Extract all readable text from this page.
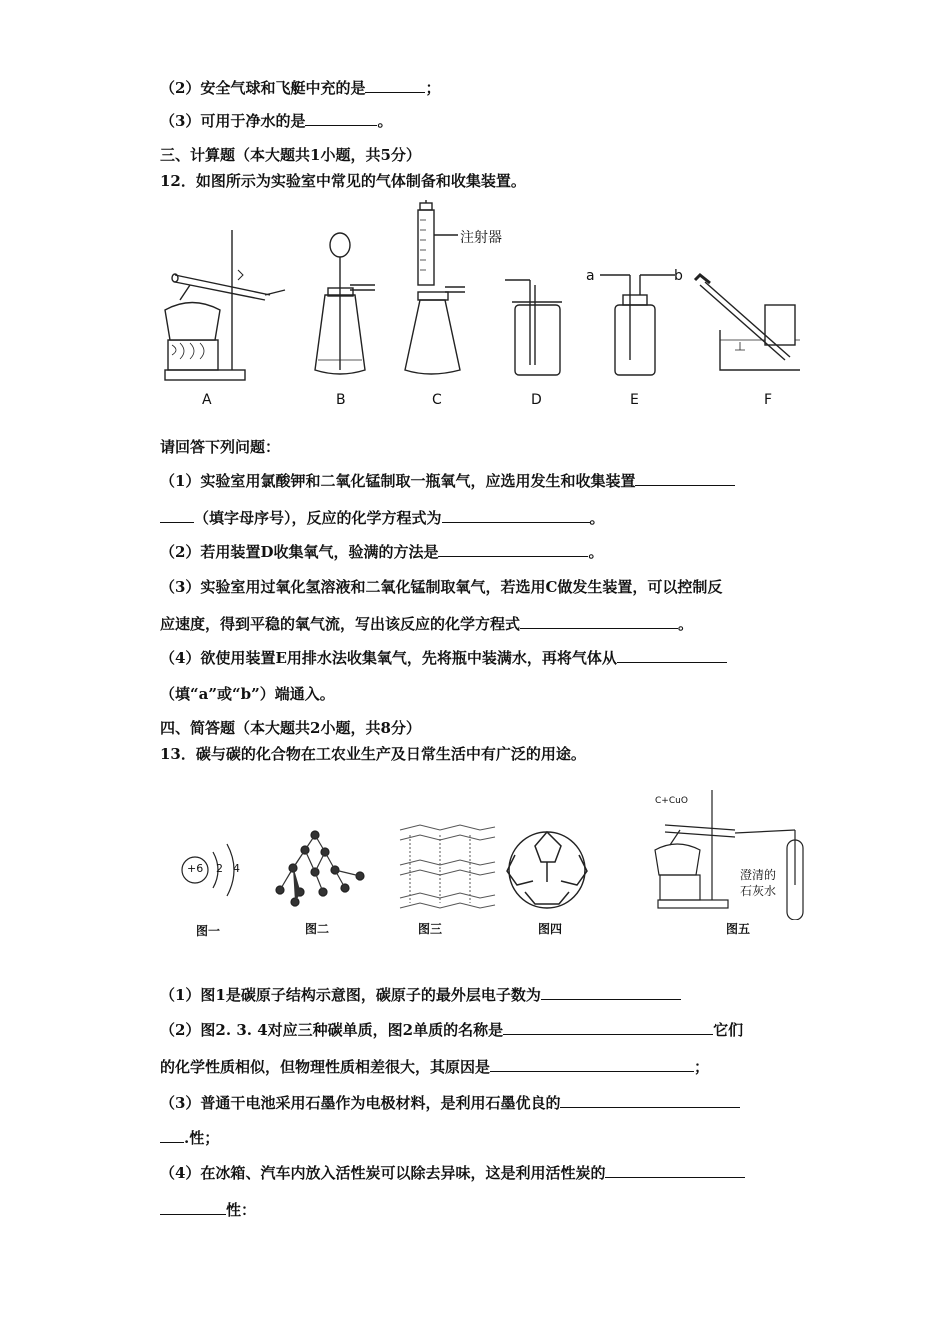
（2）安全气球和飞艇中充的是	；
（3）可用于净水的是	。
三、计算题（本大题共1小题，共5分）
12．如图所示为实验室中常见的气体制备和收集装置。
注射器
a	b
A	B	C	D	E	F
请回答下列问题：
（1）实验室用氯酸钾和二氧化锰制取一瓶氧气，应选用发生和收集装置
（填字母序号），反应的化学方程式为	。
（2）若用装置D收集氧气，验满的方法是	。
（3）实验室用过氧化氢溶液和二氧化锰制取氧气，若选用C做发生装置，可以控制反
应速度，得到平稳的氧气流，写出该反应的化学方程式	。
（4）欲使用装置E用排水法收集氧气，先将瓶中装满水，再将气体从
（填“a”或“b”）端通入。
四、简答题（本大题共2小题，共8分）
13．碳与碳的化合物在工农业生产及日常生活中有广泛的用途。
+6 2 4
C+CuO
澄清的
石灰水
图一	图二	图三	图四	图五
（1）图1是碳原子结构示意图，碳原子的最外层电子数为
（2）图2. 3. 4对应三种碳单质，图2单质的名称是	它们
的化学性质相似，但物理性质相差很大，其原因是	；
（3）普通干电池采用石墨作为电极材料，是利用石墨优良的
.性；
（4）在冰箱、汽车内放入活性炭可以除去异味，这是利用活性炭的
性：
